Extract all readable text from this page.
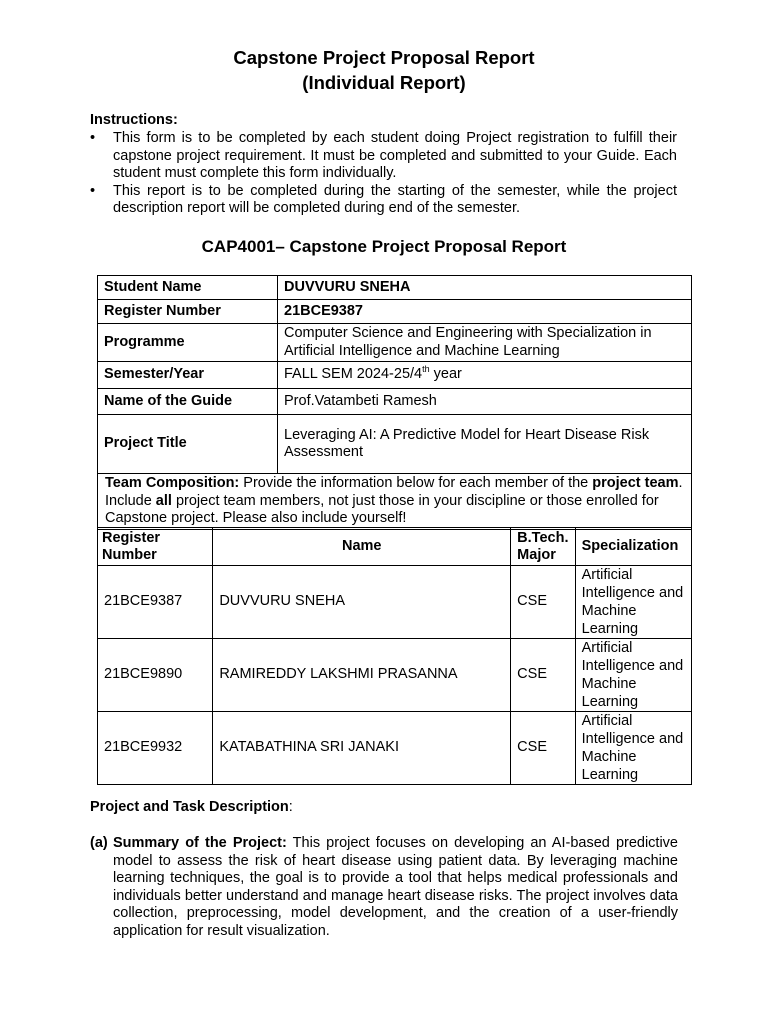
Capstone Project Proposal Report
(Individual Report)
Instructions:
• This form is to be completed by each student doing Project registration to fulfill their capstone project requirement. It must be completed and submitted to your Guide. Each student must complete this form individually.
• This report is to be completed during the starting of the semester, while the project description report will be completed during end of the semester.
CAP4001– Capstone Project Proposal Report
Student Name	DUVVURU SNEHA
Register Number	21BCE9387
Programme	Computer Science and Engineering with Specialization in Artificial Intelligence and Machine Learning
Semester/Year	FALL SEM 2024-25/4th year
Name of the Guide	Prof.Vatambeti Ramesh
Project Title	Leveraging AI: A Predictive Model for Heart Disease Risk Assessment
Team Composition: Provide the information below for each member of the project team. Include all project team members, not just those in your discipline or those enrolled for Capstone project. Please also include yourself!
Register Number	Name	B.Tech. Major	Specialization
21BCE9387	DUVVURU SNEHA	CSE	Artificial Intelligence and Machine Learning
21BCE9890	RAMIREDDY LAKSHMI PRASANNA	CSE	Artificial Intelligence and Machine Learning
21BCE9932	KATABATHINA SRI JANAKI	CSE	Artificial Intelligence and Machine Learning
Project and Task Description:
(a) Summary of the Project: This project focuses on developing an AI-based predictive model to assess the risk of heart disease using patient data. By leveraging machine learning techniques, the goal is to provide a tool that helps medical professionals and individuals better understand and manage heart disease risks. The project involves data collection, preprocessing, model development, and the creation of a user-friendly application for result visualization.
